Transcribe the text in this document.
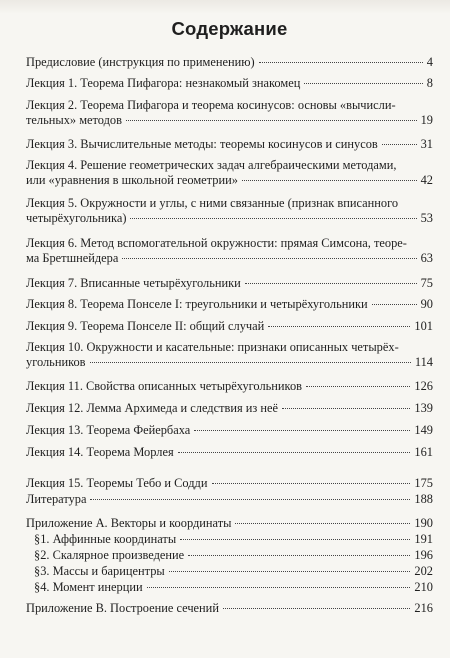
Содержание
Предисловие (инструкция по применению)	4
Лекция 1. Теорема Пифагора: незнакомый знакомец	8
Лекция 2. Теорема Пифагора и теорема косинусов: основы «вычисли-
тельных» методов	19
Лекция 3. Вычислительные методы: теоремы косинусов и синусов	31
Лекция 4. Решение геометрических задач алгебраическими методами,
или «уравнения в школьной геометрии»	42
Лекция 5. Окружности и углы, с ними связанные (признак вписанного
четырёхугольника)	53
Лекция 6. Метод вспомогательной окружности: прямая Симсона, теоре-
ма Бретшнейдера	63
Лекция 7. Вписанные четырёхугольники	75
Лекция 8. Теорема Понселе I: треугольники и четырёхугольники	90
Лекция 9. Теорема Понселе II: общий случай	101
Лекция 10. Окружности и касательные: признаки описанных четырёх-
угольников	114
Лекция 11. Свойства описанных четырёхугольников	126
Лекция 12. Лемма Архимеда и следствия из неё	139
Лекция 13. Теорема Фейербаха	149
Лекция 14. Теорема Морлея	161
Лекция 15. Теоремы Тебо и Содди	175
Литература	188
Приложение А. Векторы и координаты	190
§1. Аффинные координаты	191
§2. Скалярное произведение	196
§3. Массы и барицентры	202
§4. Момент инерции	210
Приложение В. Построение сечений	216
